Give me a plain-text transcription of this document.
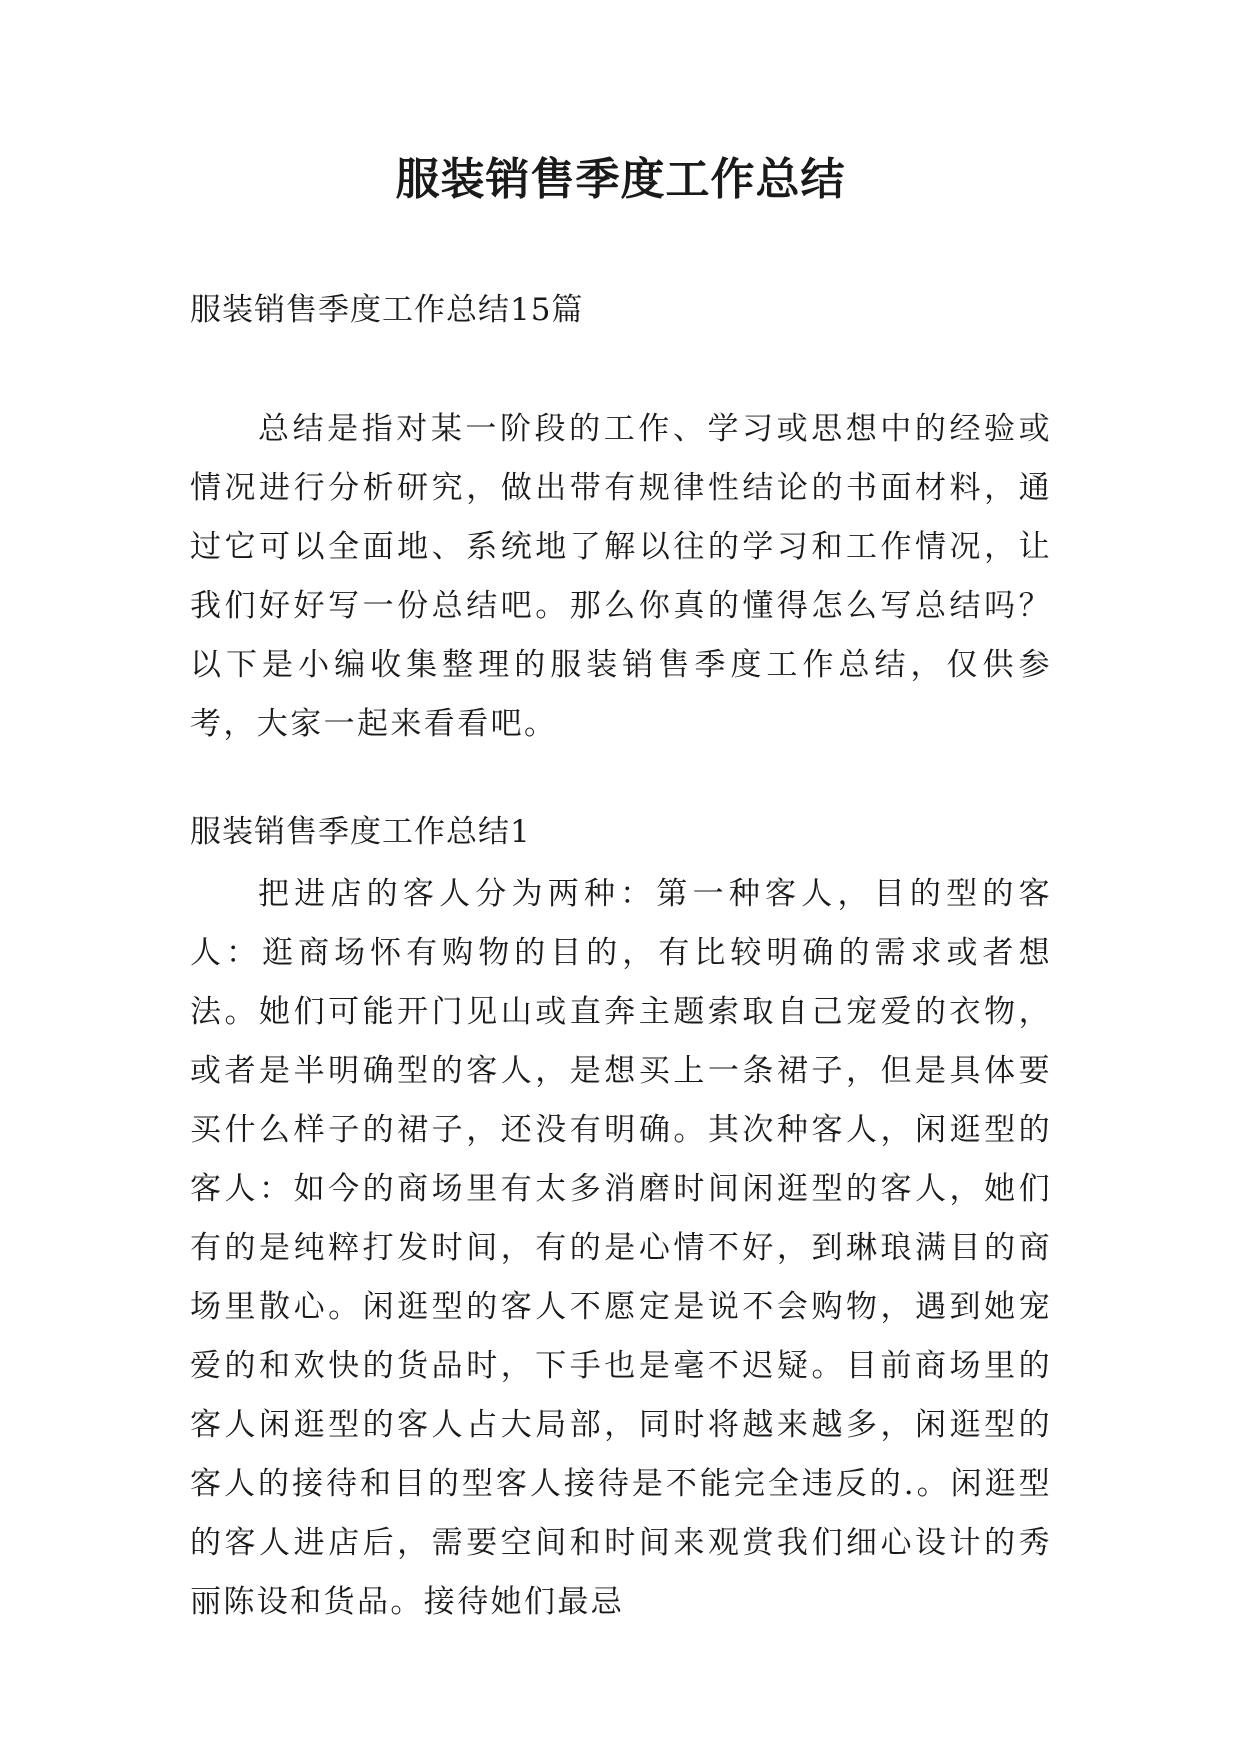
服装销售季度工作总结

服装销售季度工作总结15篇

总结是指对某一阶段的工作、学习或思想中的经验或情况进行分析研究，做出带有规律性结论的书面材料，通过它可以全面地、系统地了解以往的学习和工作情况，让我们好好写一份总结吧。那么你真的懂得怎么写总结吗？以下是小编收集整理的服装销售季度工作总结，仅供参考，大家一起来看看吧。

服装销售季度工作总结1

把进店的客人分为两种：第一种客人，目的型的客人：逛商场怀有购物的目的，有比较明确的需求或者想法。她们可能开门见山或直奔主题索取自己宠爱的衣物，或者是半明确型的客人，是想买上一条裙子，但是具体要买什么样子的裙子，还没有明确。其次种客人，闲逛型的客人：如今的商场里有太多消磨时间闲逛型的客人，她们有的是纯粹打发时间，有的是心情不好，到琳琅满目的商场里散心。闲逛型的客人不愿定是说不会购物，遇到她宠爱的和欢快的货品时，下手也是毫不迟疑。目前商场里的客人闲逛型的客人占大局部，同时将越来越多，闲逛型的客人的接待和目的型客人接待是不能完全违反的.。闲逛型的客人进店后，需要空间和时间来观赏我们细心设计的秀丽陈设和货品。接待她们最忌
